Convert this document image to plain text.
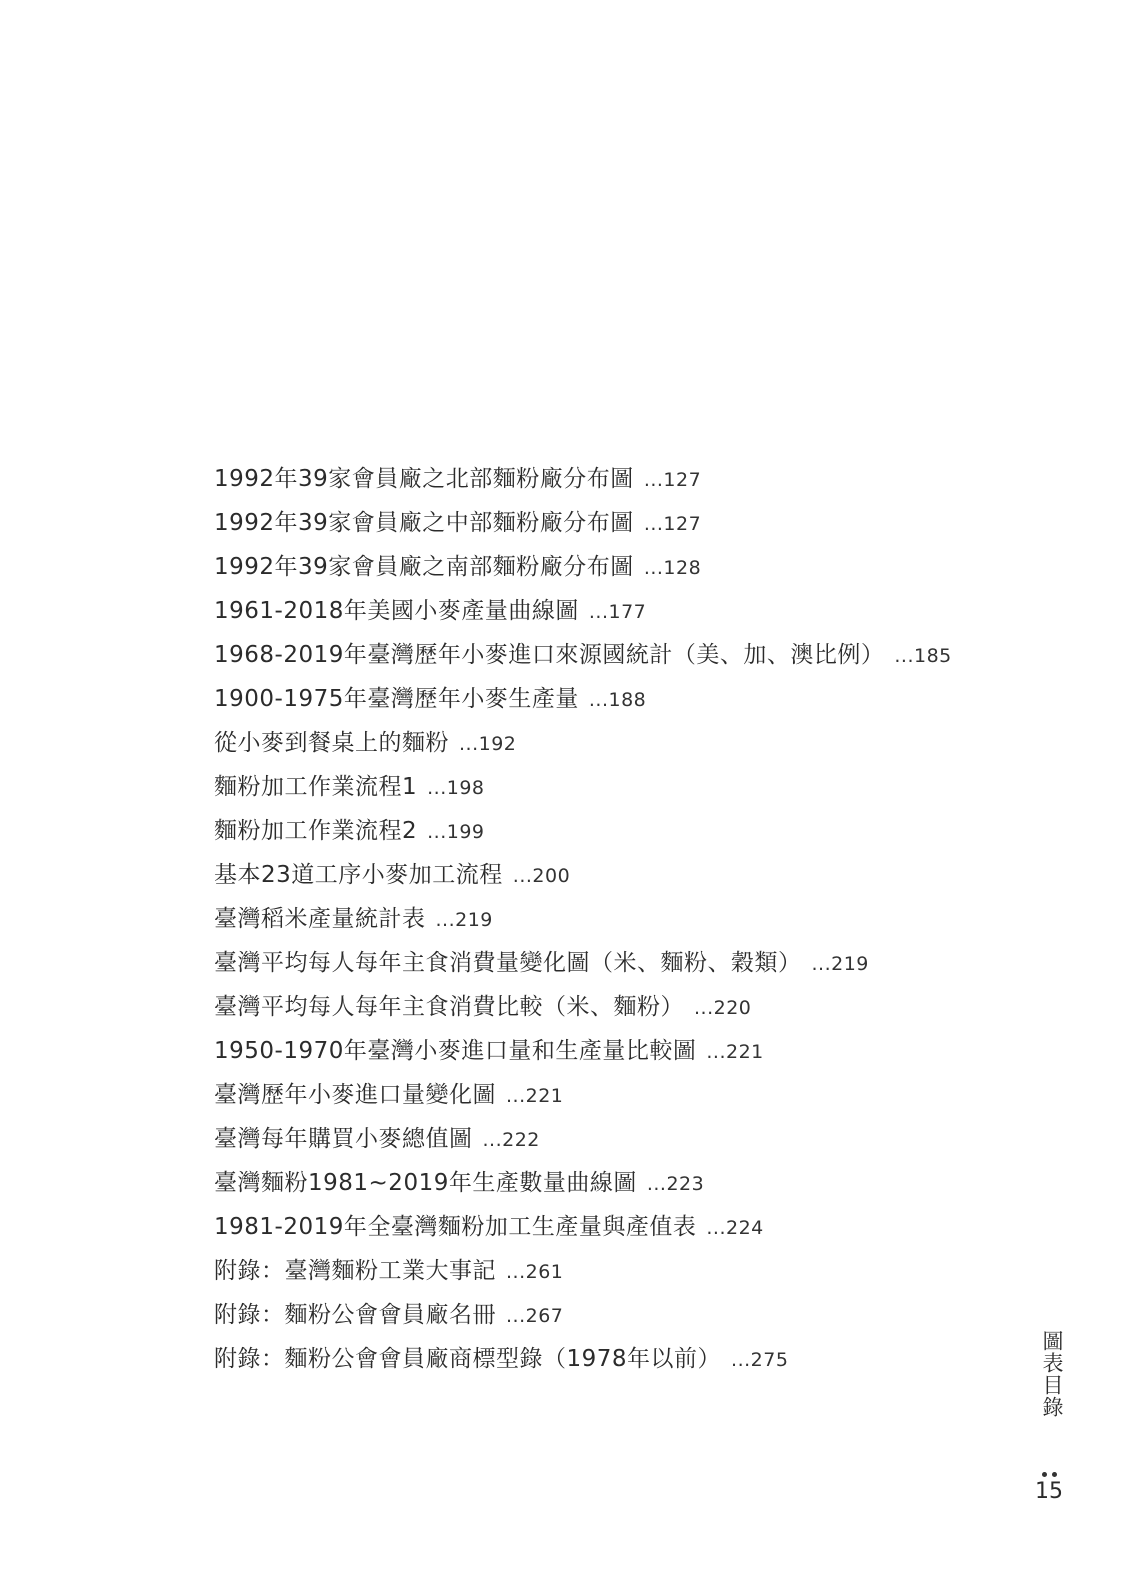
1992年39家會員廠之北部麵粉廠分布圖 ...127
1992年39家會員廠之中部麵粉廠分布圖 ...127
1992年39家會員廠之南部麵粉廠分布圖 ...128
1961-2018年美國小麥產量曲線圖 ...177
1968-2019年臺灣歷年小麥進口來源國統計（美、加、澳比例） ...185
1900-1975年臺灣歷年小麥生產量 ...188
從小麥到餐桌上的麵粉 ...192
麵粉加工作業流程1 ...198
麵粉加工作業流程2 ...199
基本23道工序小麥加工流程 ...200
臺灣稻米產量統計表 ...219
臺灣平均每人每年主食消費量變化圖（米、麵粉、穀類） ...219
臺灣平均每人每年主食消費比較（米、麵粉） ...220
1950-1970年臺灣小麥進口量和生產量比較圖 ...221
臺灣歷年小麥進口量變化圖 ...221
臺灣每年購買小麥總值圖 ...222
臺灣麵粉1981~2019年生產數量曲線圖 ...223
1981-2019年全臺灣麵粉加工生產量與產值表 ...224
附錄：臺灣麵粉工業大事記 ...261
附錄：麵粉公會會員廠名冊 ...267
附錄：麵粉公會會員廠商標型錄（1978年以前） ...275	圖表目錄
15
